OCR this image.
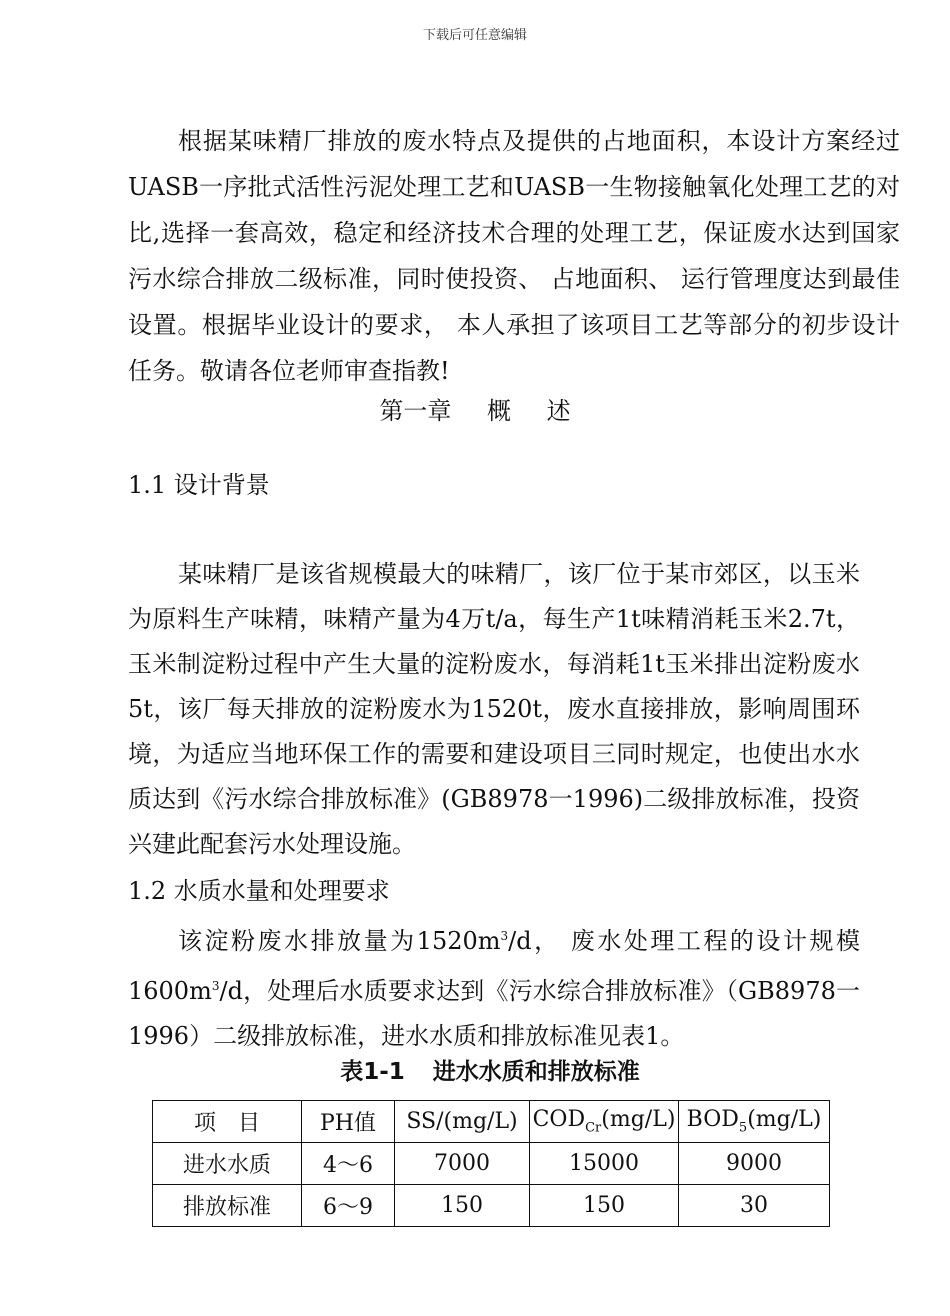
下载后可任意编辑

根据某味精厂排放的废水特点及提供的占地面积，本设计方案经过UASB一序批式活性污泥处理工艺和UASB一生物接触氧化处理工艺的对比,选择一套高效，稳定和经济技术合理的处理工艺，保证废水达到国家污水综合排放二级标准，同时使投资、 占地面积、 运行管理度达到最佳设置。根据毕业设计的要求， 本人承担了该项目工艺等部分的初步设计任务。敬请各位老师审查指教!

第一章 概 述

1.1 设计背景

某味精厂是该省规模最大的味精厂，该厂位于某市郊区，以玉米为原料生产味精，味精产量为4万t/a，每生产1t味精消耗玉米2.7t，玉米制淀粉过程中产生大量的淀粉废水，每消耗1t玉米排出淀粉废水5t，该厂每天排放的淀粉废水为1520t，废水直接排放，影响周围环境，为适应当地环保工作的需要和建设项目三同时规定，也使出水水质达到《污水综合排放标准》(GB8978一1996)二级排放标准，投资兴建此配套污水处理设施。

1.2 水质水量和处理要求

该淀粉废水排放量为$1520m^3/d$， 废水处理工程的设计规模$1600m^3/d$，处理后水质要求达到《污水综合排放标准》（GB8978一1996）二级排放标准，进水水质和排放标准见表1。

表1-1 进水水质和排放标准
项　目	PH值	SS/(mg/L)	$COD_{Cr}(mg/L)$	$BOD_5(mg/L)$
进水水质	4～6	7000	15000	9000
排放标准	6～9	150	150	30
